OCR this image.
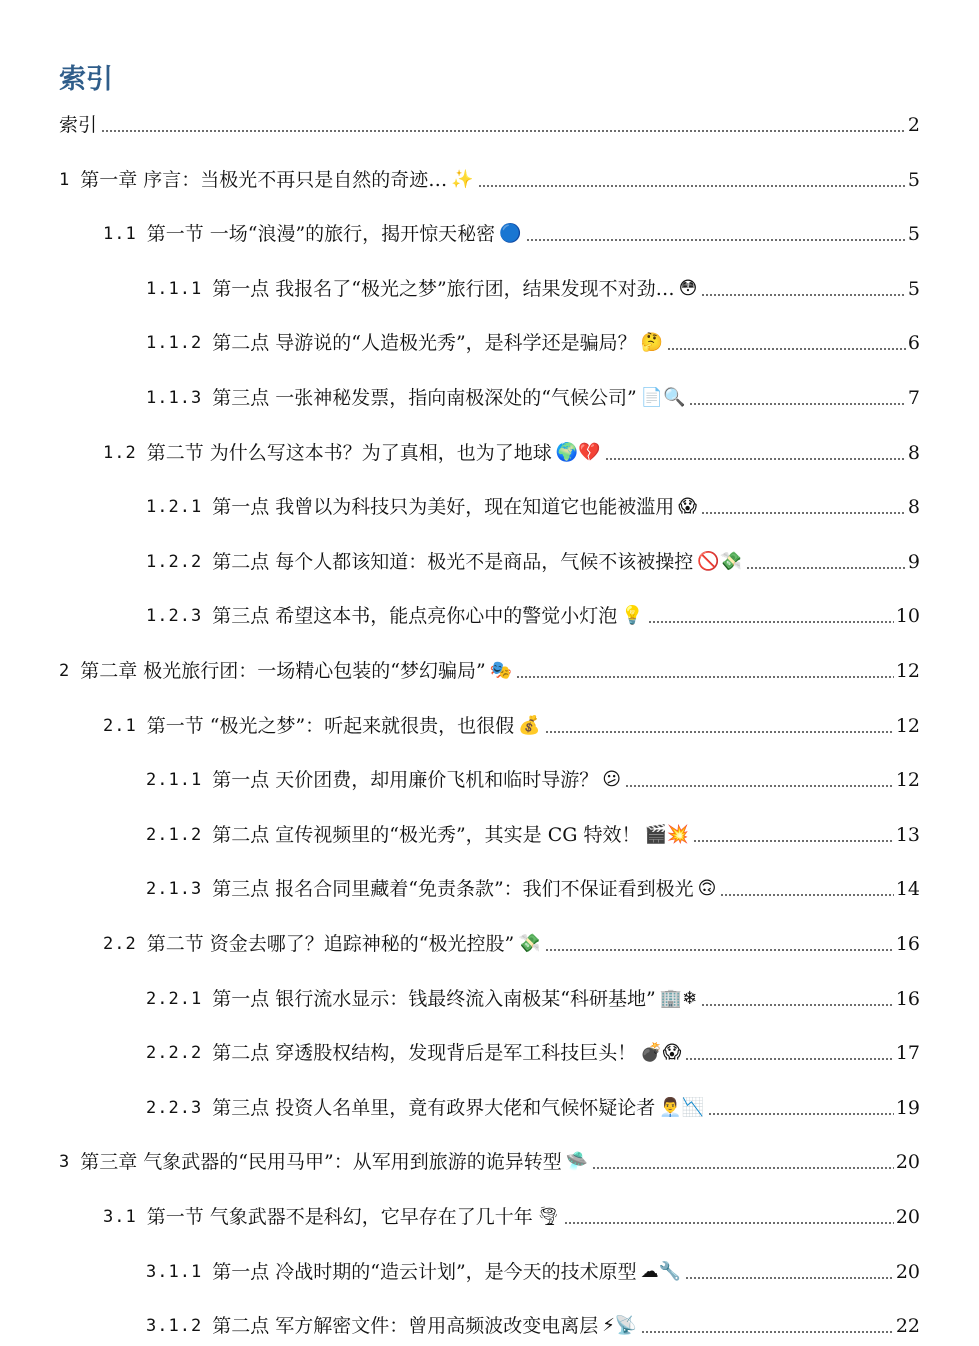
索引
索引	2
1 第一章 序言：当极光不再只是自然的奇迹… ✨	5
1.1 第一节 一场“浪漫”的旅行，揭开惊天秘密 🔵	5
1.1.1 第一点 我报名了“极光之梦”旅行团，结果发现不对劲… 😳	5
1.1.2 第二点 导游说的“人造极光秀”，是科学还是骗局？ 🤔	6
1.1.3 第三点 一张神秘发票，指向南极深处的“气候公司” 📄🔍	7
1.2 第二节 为什么写这本书？为了真相，也为了地球 🌍💔	8
1.2.1 第一点 我曾以为科技只为美好，现在知道它也能被滥用 😱	8
1.2.2 第二点 每个人都该知道：极光不是商品，气候不该被操控 🚫💸	9
1.2.3 第三点 希望这本书，能点亮你心中的警觉小灯泡 💡	10
2 第二章 极光旅行团：一场精心包装的“梦幻骗局” 🎭	12
2.1 第一节 “极光之梦”：听起来就很贵，也很假 💰	12
2.1.1 第一点 天价团费，却用廉价飞机和临时导游？ 😕	12
2.1.2 第二点 宣传视频里的“极光秀”，其实是 CG 特效！ 🎬💥	13
2.1.3 第三点 报名合同里藏着“免责条款”：我们不保证看到极光 🙃	14
2.2 第二节 资金去哪了？追踪神秘的“极光控股” 💸	16
2.2.1 第一点 银行流水显示：钱最终流入南极某“科研基地” 🏢❄	16
2.2.2 第二点 穿透股权结构，发现背后是军工科技巨头！ 💣😱	17
2.2.3 第三点 投资人名单里，竟有政界大佬和气候怀疑论者 👨‍💼📉	19
3 第三章 气象武器的“民用马甲”：从军用到旅游的诡异转型 🛸	20
3.1 第一节 气象武器不是科幻，它早存在了几十年 🌪	20
3.1.1 第一点 冷战时期的“造云计划”，是今天的技术原型 ☁🔧	20
3.1.2 第二点 军方解密文件：曾用高频波改变电离层 ⚡📡	22
